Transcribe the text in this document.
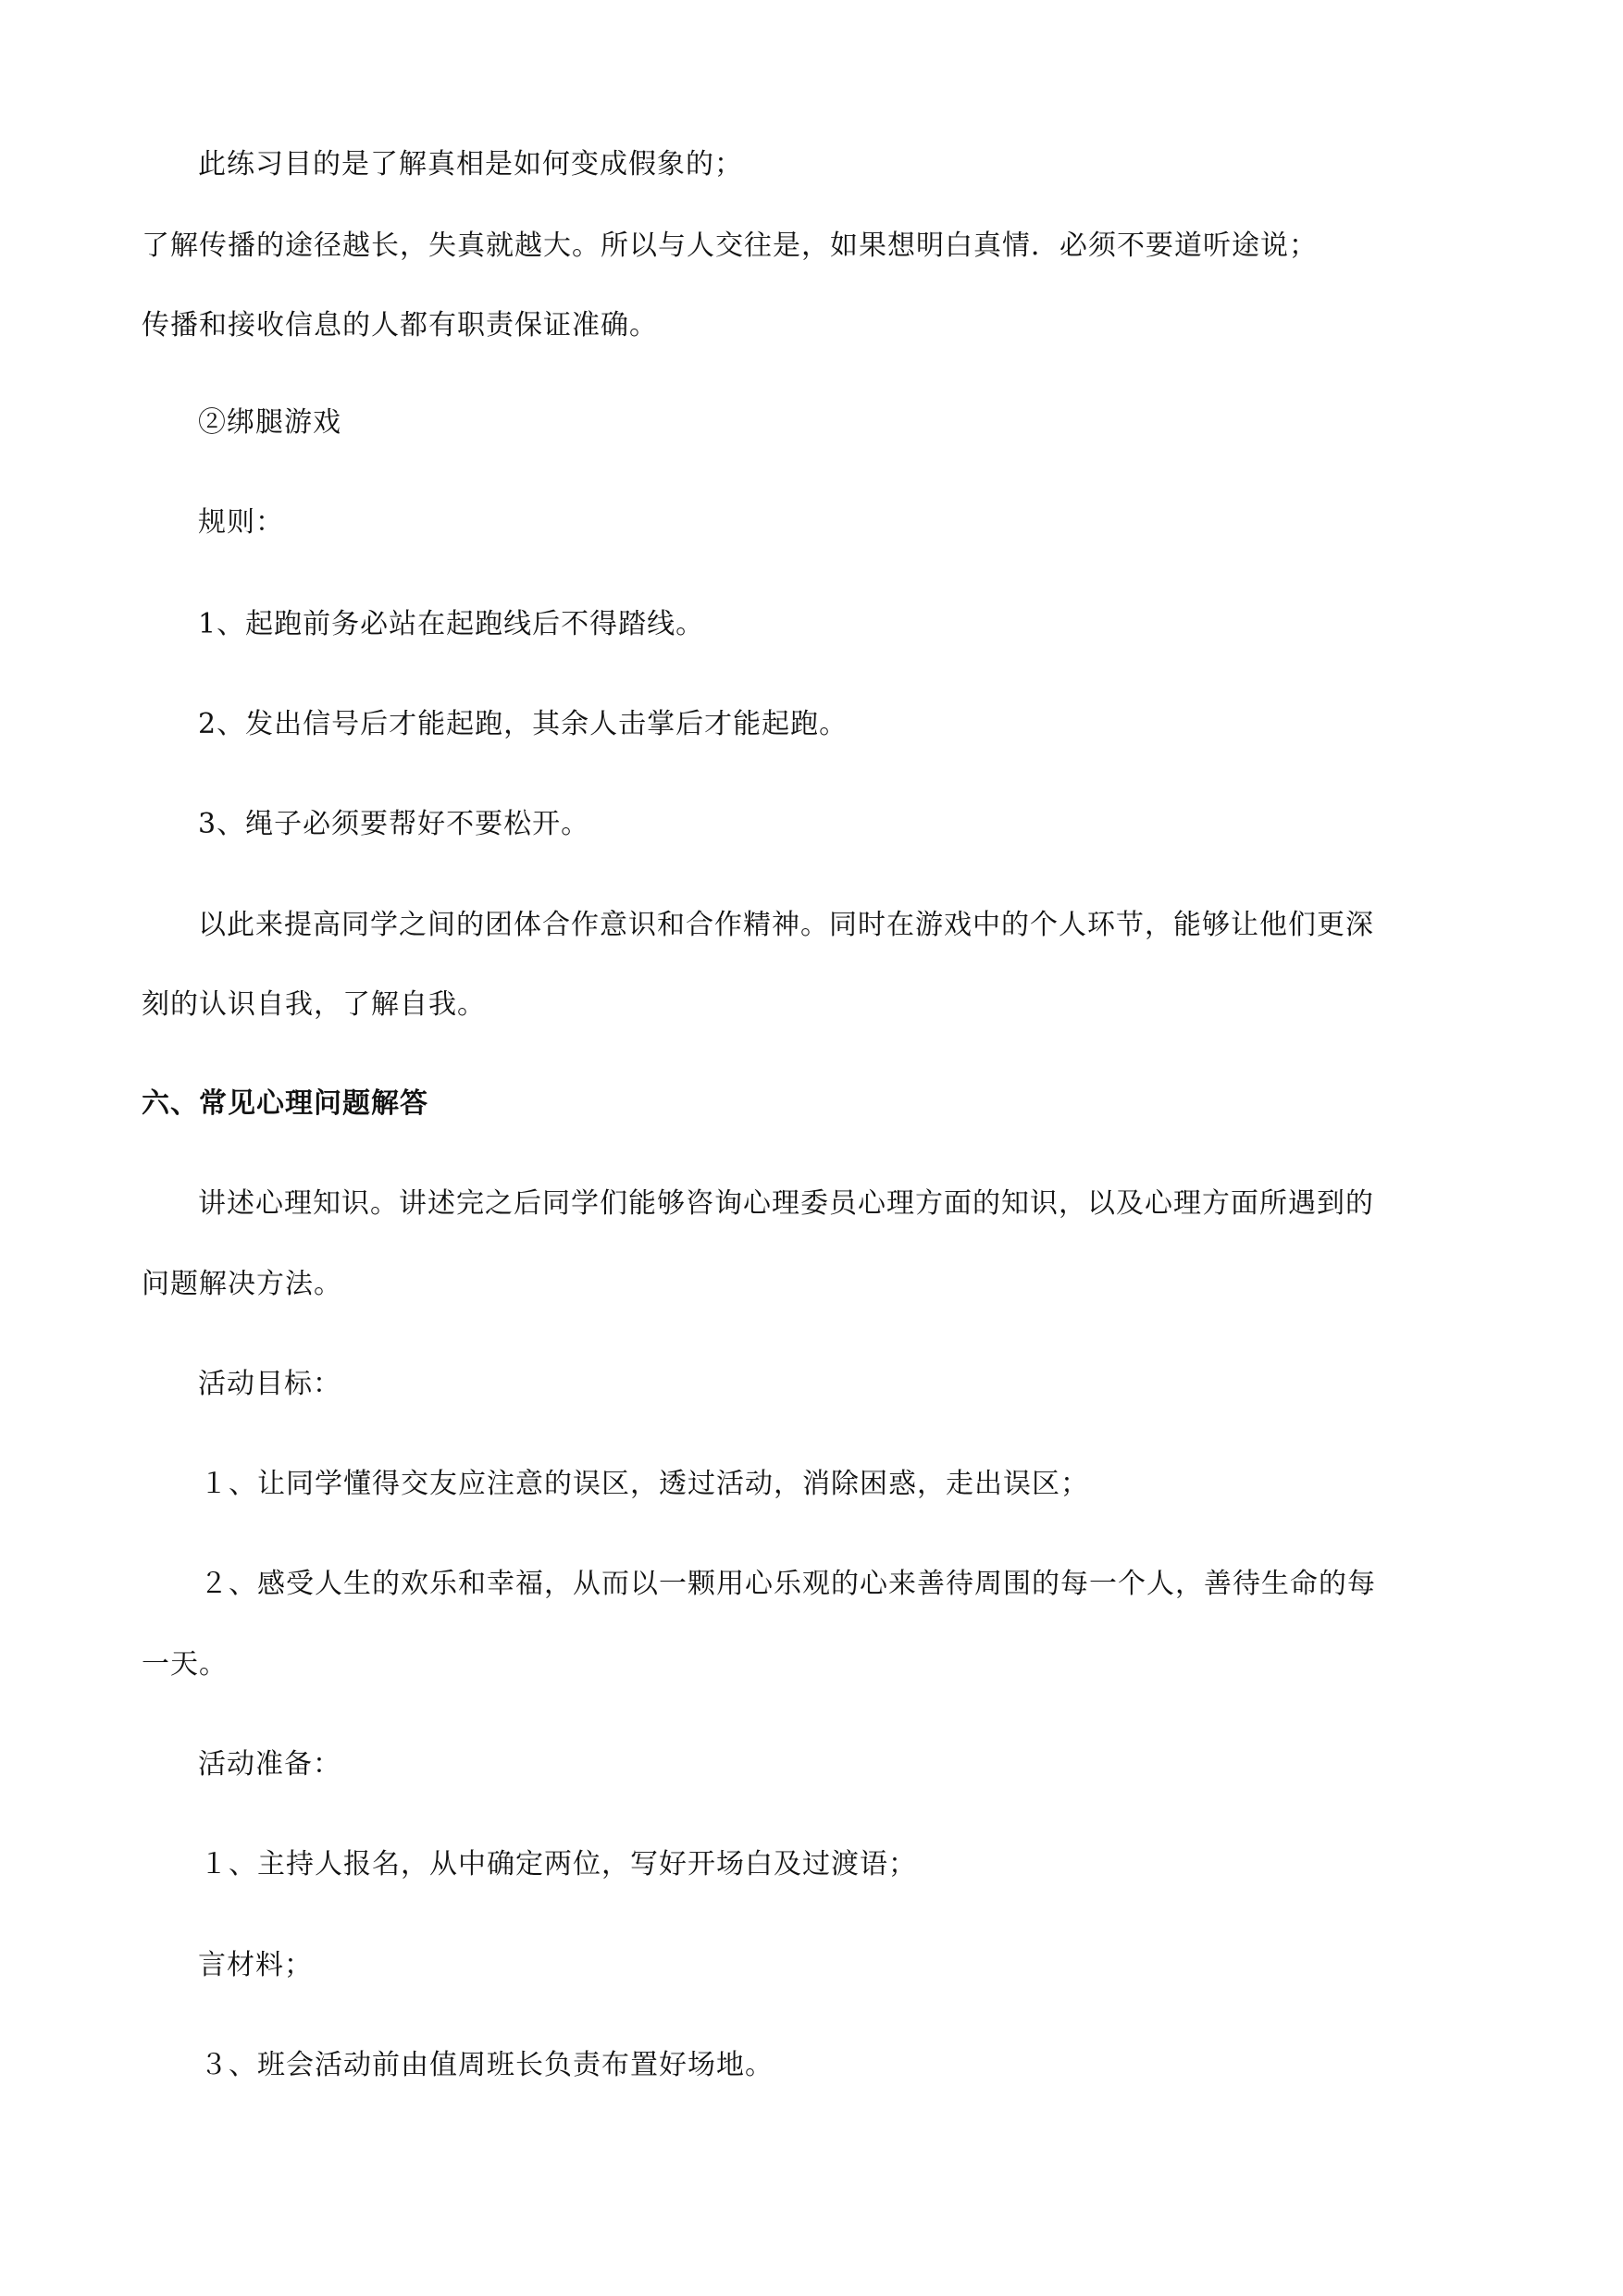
此练习目的是了解真相是如何变成假象的；
了解传播的途径越长，失真就越大。所以与人交往是，如果想明白真情．必须不要道听途说；
传播和接收信息的人都有职责保证准确。
②绑腿游戏
规则：
1、起跑前务必站在起跑线后不得踏线。
2、发出信号后才能起跑，其余人击掌后才能起跑。
3、绳子必须要帮好不要松开。
以此来提高同学之间的团体合作意识和合作精神。同时在游戏中的个人环节，能够让他们更深
刻的认识自我，了解自我。
六、常见心理问题解答
讲述心理知识。讲述完之后同学们能够咨询心理委员心理方面的知识，以及心理方面所遇到的
问题解决方法。
活动目标：
１、让同学懂得交友应注意的误区，透过活动，消除困惑，走出误区；
２、感受人生的欢乐和幸福，从而以一颗用心乐观的心来善待周围的每一个人，善待生命的每
一天。
活动准备：
１、主持人报名，从中确定两位，写好开场白及过渡语；
言材料；
３、班会活动前由值周班长负责布置好场地。
